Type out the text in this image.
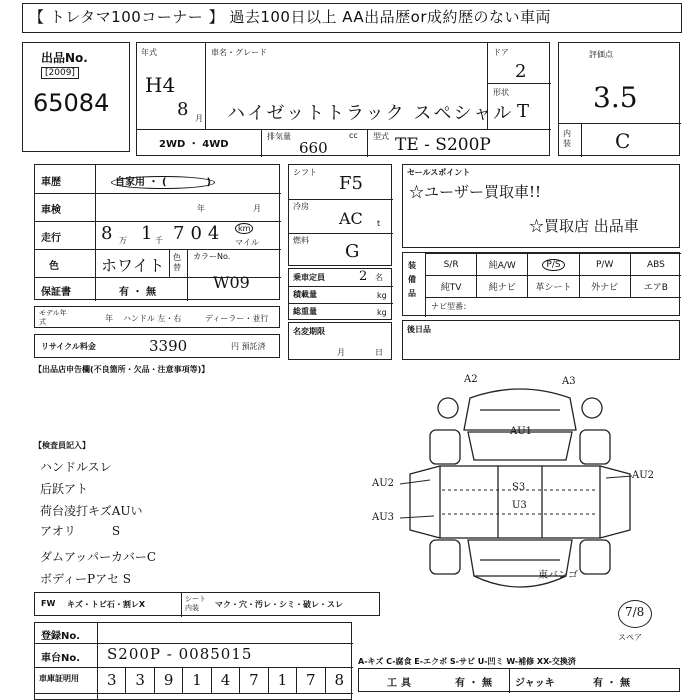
【 トレタマ100コーナー 】 過去100日以上 AA出品歴or成約歴のない車両
出品No.
[2009]
65084
年式
H4
8 月
車名・グレード
ハイゼットトラック スペシャル
ドア
2
形状
T
2WD ・ 4WD
排気量	cc
660
型式 TE - S200P
評価点
3.5
内装	C
車歴	自家用 ・ (　　　　)
車検	年	月
走行 8 万 1 千 704	km
マイル
色	ホワイト 色替
カラーNo.
保証書	有 ・ 無
W09
モデル年式	年 ハンドル 左・右	ディーラー・並行
リサイクル料金	3390	円 預託済
シフト
F5
冷房
AC t
燃料
G
乗車定員	2 名
積載量	kg
総重量	kg
名変期限
月	日
セールスポイント
☆ユーザー買取車!!
☆買取店 出品車
装備品
S/R	純A/W	P/S	P/W	ABS
純TV	純ナビ	革シート	外ナビ	エアB
ナビ型番：
後日品
【出品店申告欄(不良箇所・欠品・注意事項等)】
【検査員記入】
ハンドルスレ
后跃アト
荷台凌打キズAUい
アオリ　　　S
ダムアッパーカバーC
ボディーPアセ S
A2	A3
AU1
AU2	S3
U3
AU2
AU3
東バンゴ
FW キズ・トビ石・割レX
シート内装	マク・穴・汚レ・シミ・破レ・スレ
7/8
スペア
登録No.
車台No. S200P - 0085015
車庫証明用	3	3	9	1	4	7	1	7	8
A-キズ C-腐食 E-エクボ S-サビ U-凹ミ W-補修 XX-交換済
工具	有 ・ 無 ジャッキ	有 ・ 無
